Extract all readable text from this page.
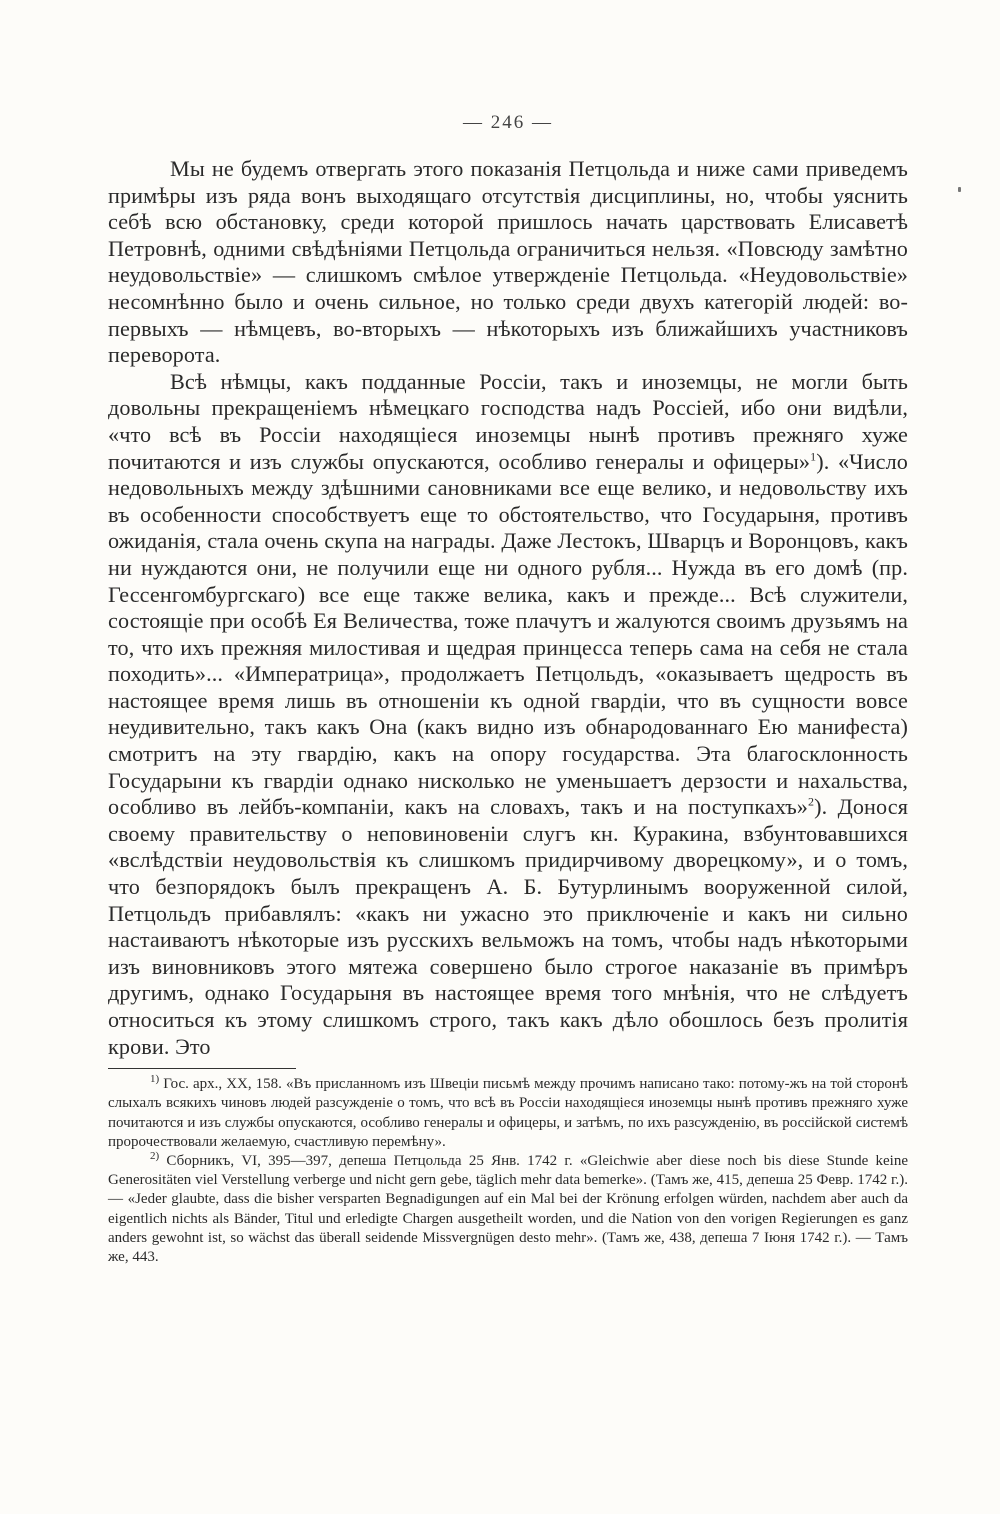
— 246 —

Мы не будемъ отвергать этого показанія Петцольда и ниже сами приведемъ примѣры изъ ряда вонъ выходящаго отсутствія дисциплины, но, чтобы уяснить себѣ всю обстановку, среди которой пришлось начать царствовать Елисаветѣ Петровнѣ, одними свѣдѣніями Петцольда ограничиться нельзя. «Повсюду замѣтно неудовольствіе» — слишкомъ смѣлое утвержденіе Петцольда. «Неудовольствіе» несомнѣнно было и очень сильное, но только среди двухъ категорій людей: во-первыхъ — нѣмцевъ, во-вторыхъ — нѣкоторыхъ изъ ближайшихъ участниковъ переворота.

Всѣ нѣмцы, какъ подданные Россіи, такъ и иноземцы, не могли быть довольны прекращеніемъ нѣмецкаго господства надъ Россіей, ибо они видѣли, «что всѣ въ Россіи находящіеся иноземцы нынѣ противъ прежняго хуже почитаются и изъ службы опускаются, особливо генералы и офицеры»$^1$). «Число недовольныхъ между здѣшними сановниками все еще велико, и недовольству ихъ въ особенности способствуетъ еще то обстоятельство, что Государыня, противъ ожиданія, стала очень скупа на награды. Даже Лестокъ, Шварцъ и Воронцовъ, какъ ни нуждаются они, не получили еще ни одного рубля... Нужда въ его домѣ (пр. Гессенгомбургскаго) все еще также велика, какъ и прежде... Всѣ служители, состоящіе при особѣ Ея Величества, тоже плачутъ и жалуются своимъ друзьямъ на то, что ихъ прежняя милостивая и щедрая принцесса теперь сама на себя не стала походить»... «Императрица», продолжаетъ Петцольдъ, «оказываетъ щедрость въ настоящее время лишь въ отношеніи къ одной гвардіи, что въ сущности вовсе неудивительно, такъ какъ Она (какъ видно изъ обнародованнаго Ею манифеста) смотритъ на эту гвардію, какъ на опору государства. Эта благосклонность Государыни къ гвардіи однако нисколько не уменьшаетъ дерзости и нахальства, особливо въ лейбъ-компаніи, какъ на словахъ, такъ и на поступкахъ»$^2$). Донося своему правительству о неповиновеніи слугъ кн. Куракина, взбунтовавшихся «вслѣдствіи неудовольствія къ слишкомъ придирчивому дворецкому», и о томъ, что безпорядокъ былъ прекращенъ А. Б. Бутурлинымъ вооруженной силой, Петцольдъ прибавлялъ: «какъ ни ужасно это приключеніе и какъ ни сильно настаиваютъ нѣкоторые изъ русскихъ вельможъ на томъ, чтобы надъ нѣкоторыми изъ виновниковъ этого мятежа совершено было строгое наказаніе въ примѣръ другимъ, однако Государыня въ настоящее время того мнѣнія, что не слѣдуетъ относиться къ этому слишкомъ строго, такъ какъ дѣло обошлось безъ пролитія крови. Это

$^{1)}$ Гос. арх., XX, 158. «Въ присланномъ изъ Швеціи письмѣ между прочимъ написано тако: потому-жъ на той сторонѣ слыхалъ всякихъ чиновъ людей разсужденіе о томъ, что всѣ въ Россіи находящіеся иноземцы нынѣ противъ прежняго хуже почитаются и изъ службы опускаются, особливо генералы и офицеры, и затѣмъ, по ихъ разсужденію, въ россійской системѣ пророчествовали желаемую, счастливую перемѣну».

$^{2)}$ Сборникъ, VI, 395—397, депеша Петцольда 25 Янв. 1742 г. «Gleichwie aber diese noch bis diese Stunde keine Generositäten viel Verstellung verberge und nicht gern gebe, täglich mehr data bemerke». (Тамъ же, 415, депеша 25 Февр. 1742 г.). — «Jeder glaubte, dass die bisher versparten Begnadigungen auf ein Mal bei der Krönung erfolgen würden, nachdem aber auch da eigentlich nichts als Bänder, Titul und erledigte Chargen ausgetheilt worden, und die Nation von den vorigen Regierungen es ganz anders gewohnt ist, so wächst das überall seidende Missvergnügen desto mehr». (Тамъ же, 438, депеша 7 Іюня 1742 г.). — Тамъ же, 443.
